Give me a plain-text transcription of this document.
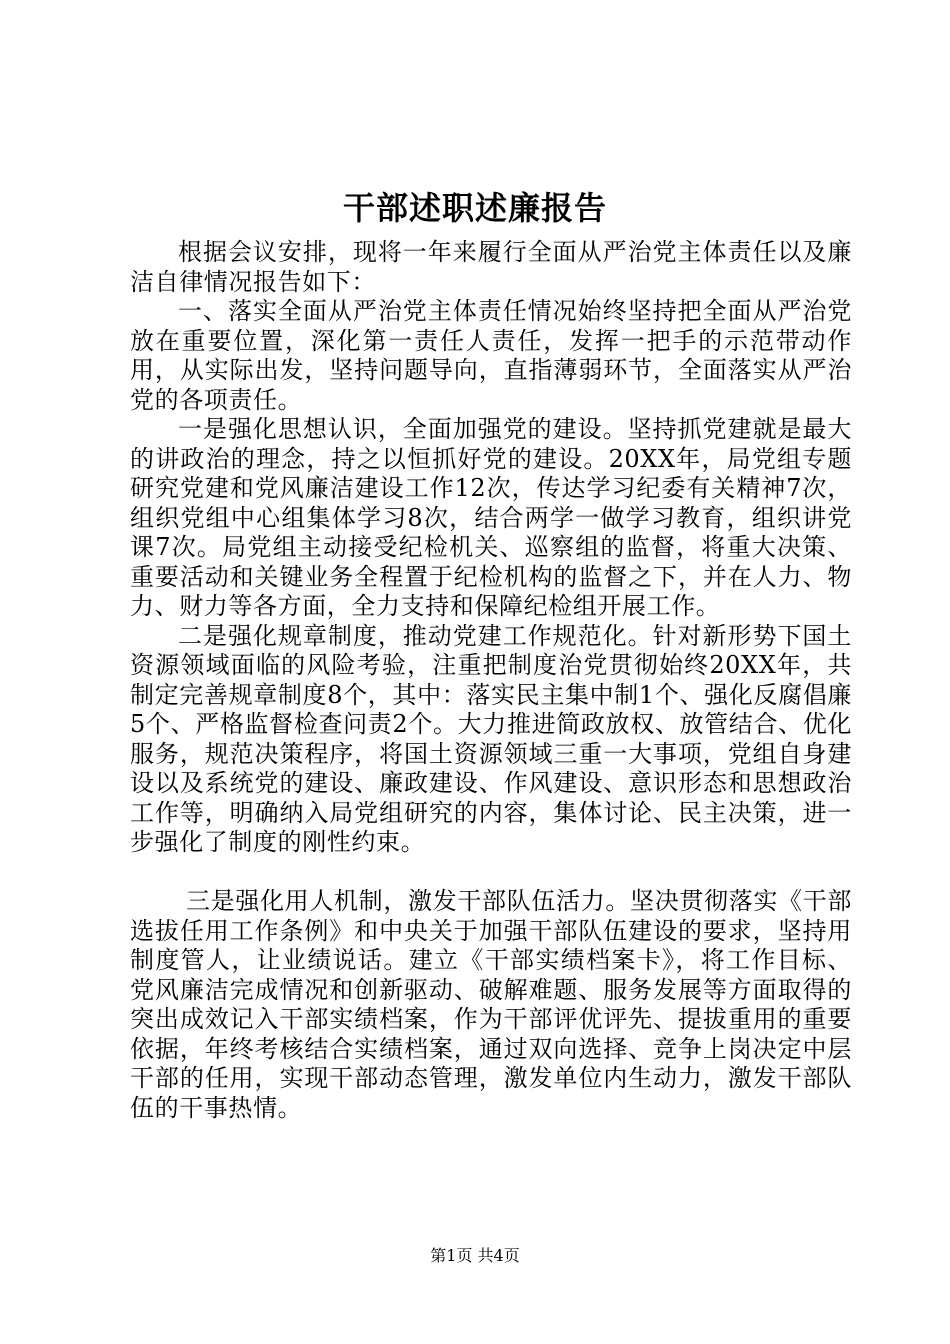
干部述职述廉报告

根据会议安排，现将一年来履行全面从严治党主体责任以及廉洁自律情况报告如下：

一、落实全面从严治党主体责任情况始终坚持把全面从严治党放在重要位置，深化第一责任人责任，发挥一把手的示范带动作用，从实际出发，坚持问题导向，直指薄弱环节，全面落实从严治党的各项责任。

一是强化思想认识，全面加强党的建设。坚持抓党建就是最大的讲政治的理念，持之以恒抓好党的建设。20XX年，局党组专题研究党建和党风廉洁建设工作12次，传达学习纪委有关精神7次，组织党组中心组集体学习8次，结合两学一做学习教育，组织讲党课7次。局党组主动接受纪检机关、巡察组的监督，将重大决策、重要活动和关键业务全程置于纪检机构的监督之下，并在人力、物力、财力等各方面，全力支持和保障纪检组开展工作。

二是强化规章制度，推动党建工作规范化。针对新形势下国土资源领域面临的风险考验，注重把制度治党贯彻始终20XX年，共制定完善规章制度8个，其中：落实民主集中制1个、强化反腐倡廉5个、严格监督检查问责2个。大力推进简政放权、放管结合、优化服务，规范决策程序，将国土资源领域三重一大事项，党组自身建设以及系统党的建设、廉政建设、作风建设、意识形态和思想政治工作等，明确纳入局党组研究的内容，集体讨论、民主决策，进一步强化了制度的刚性约束。

三是强化用人机制，激发干部队伍活力。坚决贯彻落实《干部选拔任用工作条例》和中央关于加强干部队伍建设的要求，坚持用制度管人，让业绩说话。建立《干部实绩档案卡》，将工作目标、党风廉洁完成情况和创新驱动、破解难题、服务发展等方面取得的突出成效记入干部实绩档案，作为干部评优评先、提拔重用的重要依据，年终考核结合实绩档案，通过双向选择、竞争上岗决定中层干部的任用，实现干部动态管理，激发单位内生动力，激发干部队伍的干事热情。

第1页 共4页
